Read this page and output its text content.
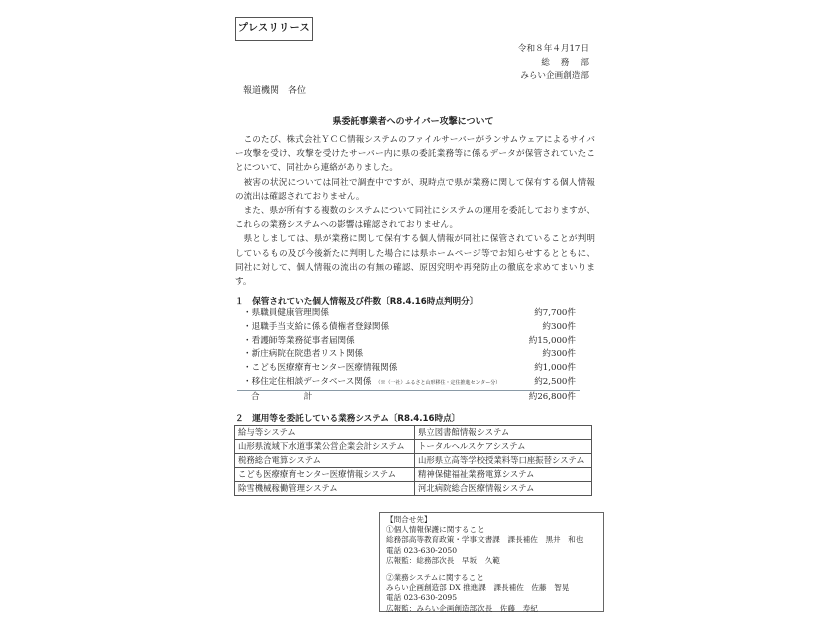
プレスリリース
令和８年４月17日
総務部
みらい企画創造部
報道機関　各位
県委託事業者へのサイバー攻撃について

このたび、株式会社ＹＣＣ情報システムのファイルサーバーがランサムウェアによるサイバー攻撃を受け、攻撃を受けたサーバー内に県の委託業務等に係るデータが保管されていたことについて、同社から連絡がありました。

被害の状況については同社で調査中ですが、現時点で県が業務に関して保有する個人情報の流出は確認されておりません。

また、県が所有する複数のシステムについて同社にシステムの運用を委託しておりますが、これらの業務システムへの影響は確認されておりません。

県としましては、県が業務に関して保有する個人情報が同社に保管されていることが判明しているもの及び今後新たに判明した場合には県ホームページ等でお知らせするとともに、同社に対して、個人情報の流出の有無の確認、原因究明や再発防止の徹底を求めてまいります。

１　保管されていた個人情報及び件数〔R8.4.16時点判明分〕
・県職員健康管理関係	約7,700件
・退職手当支給に係る債権者登録関係	約300件
・看護師等業務従事者届関係	約15,000件
・新庄病院在院患者リスト関係	約300件
・こども医療療育センター医療情報関係	約1,000件
・移住定住相談データベース関係 （※（一社）ふるさと山形移住・定住推進センター分）	約2,500件
合	計	約26,800件
２　運用等を委託している業務システム〔R8.4.16時点〕
給与等システム	県立図書館情報システム
山形県流域下水道事業公営企業会計システム	トータルヘルスケアシステム
税務総合電算システム	山形県立高等学校授業料等口座振替システム
こども医療療育センター医療情報システム	精神保健福祉業務電算システム
除雪機械稼働管理システム	河北病院総合医療情報システム
【問合せ先】
①個人情報保護に関すること
総務部高等教育政策・学事文書課　課長補佐　黒井　和也
電話 023-630-2050
広報監：総務部次長　早坂　久範
②業務システムに関すること
みらい企画創造部 DX 推進課　課長補佐　佐藤　智晃
電話 023-630-2095
広報監：みらい企画創造部次長　佐藤　寿紀
